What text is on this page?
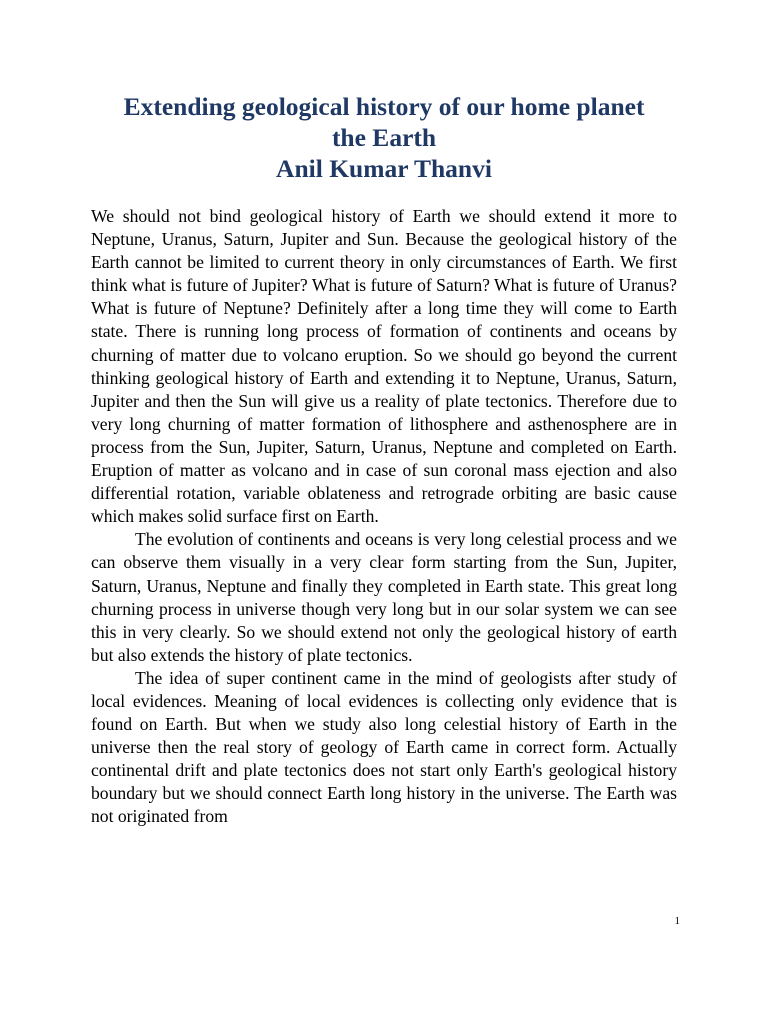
Extending geological history of our home planet
the Earth
Anil Kumar Thanvi

We should not bind geological history of Earth we should extend it more to Neptune, Uranus, Saturn, Jupiter and Sun. Because the geological history of the Earth cannot be limited to current theory in only circumstances of Earth. We first think what is future of Jupiter? What is future of Saturn? What is future of Uranus? What is future of Neptune? Definitely after a long time they will come to Earth state. There is running long process of formation of continents and oceans by churning of matter due to volcano eruption. So we should go beyond the current thinking geological history of Earth and extending it to Neptune, Uranus, Saturn, Jupiter and then the Sun will give us a reality of plate tectonics. Therefore due to very long churning of matter formation of lithosphere and asthenosphere are in process from the Sun, Jupiter, Saturn, Uranus, Neptune and completed on Earth. Eruption of matter as volcano and in case of sun coronal mass ejection and also differential rotation, variable oblateness and retrograde orbiting are basic cause which makes solid surface first on Earth.

The evolution of continents and oceans is very long celestial process and we can observe them visually in a very clear form starting from the Sun, Jupiter, Saturn, Uranus, Neptune and finally they completed in Earth state. This great long churning process in universe though very long but in our solar system we can see this in very clearly. So we should extend not only the geological history of earth but also extends the history of plate tectonics.

The idea of super continent came in the mind of geologists after study of local evidences. Meaning of local evidences is collecting only evidence that is found on Earth. But when we study also long celestial history of Earth in the universe then the real story of geology of Earth came in correct form. Actually continental drift and plate tectonics does not start only Earth's geological history boundary but we should connect Earth long history in the universe. The Earth was not originated from

1
